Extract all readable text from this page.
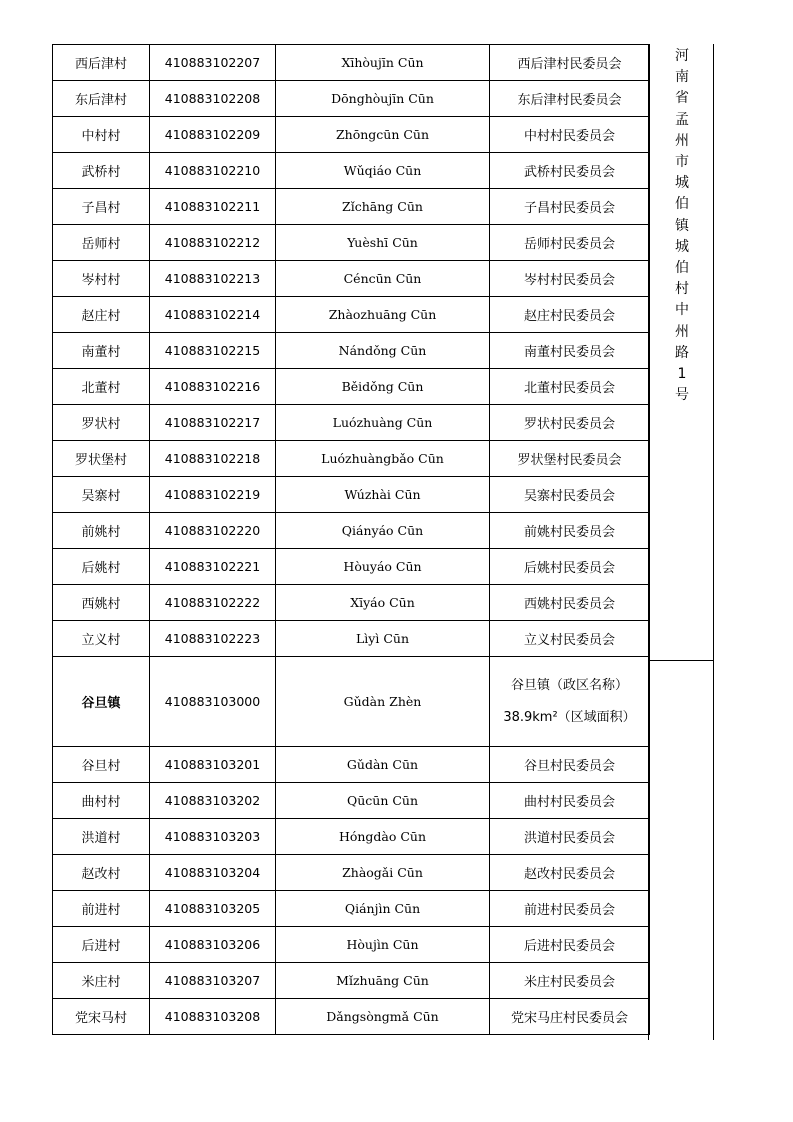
西后津村	410883102207	Xīhòujīn Cūn	西后津村民委员会
东后津村	410883102208	Dōnghòujīn Cūn	东后津村民委员会
中村村	410883102209	Zhōngcūn Cūn	中村村民委员会
武桥村	410883102210	Wǔqiáo Cūn	武桥村民委员会
子昌村	410883102211	Zǐchāng Cūn	子昌村民委员会
岳师村	410883102212	Yuèshī Cūn	岳师村民委员会
岑村村	410883102213	Céncūn Cūn	岑村村民委员会
赵庄村	410883102214	Zhàozhuāng Cūn	赵庄村民委员会
南董村	410883102215	Nándǒng Cūn	南董村民委员会
北董村	410883102216	Běidǒng Cūn	北董村民委员会
罗状村	410883102217	Luózhuàng Cūn	罗状村民委员会
罗状堡村	410883102218	Luózhuàngbǎo Cūn	罗状堡村民委员会
吴寨村	410883102219	Wúzhài Cūn	吴寨村民委员会
前姚村	410883102220	Qiányáo Cūn	前姚村民委员会
后姚村	410883102221	Hòuyáo Cūn	后姚村民委员会
西姚村	410883102222	Xīyáo Cūn	西姚村民委员会
立义村	410883102223	Lìyì Cūn	立义村民委员会
谷旦镇	410883103000	Gǔdàn Zhèn	谷旦镇（政区名称）
38.9km²（区域面积）

谷旦村	410883103201	Gǔdàn Cūn	谷旦村民委员会
曲村村	410883103202	Qūcūn Cūn	曲村村民委员会
洪道村	410883103203	Hóngdào Cūn	洪道村民委员会
赵改村	410883103204	Zhàogǎi Cūn	赵改村民委员会
前进村	410883103205	Qiánjìn Cūn	前进村民委员会
后进村	410883103206	Hòujìn Cūn	后进村民委员会
米庄村	410883103207	Mǐzhuāng Cūn	米庄村民委员会
党宋马村	410883103208	Dǎngsòngmǎ Cūn	党宋马庄村民委员会
河南省孟州市城伯镇城伯村中州路1号
